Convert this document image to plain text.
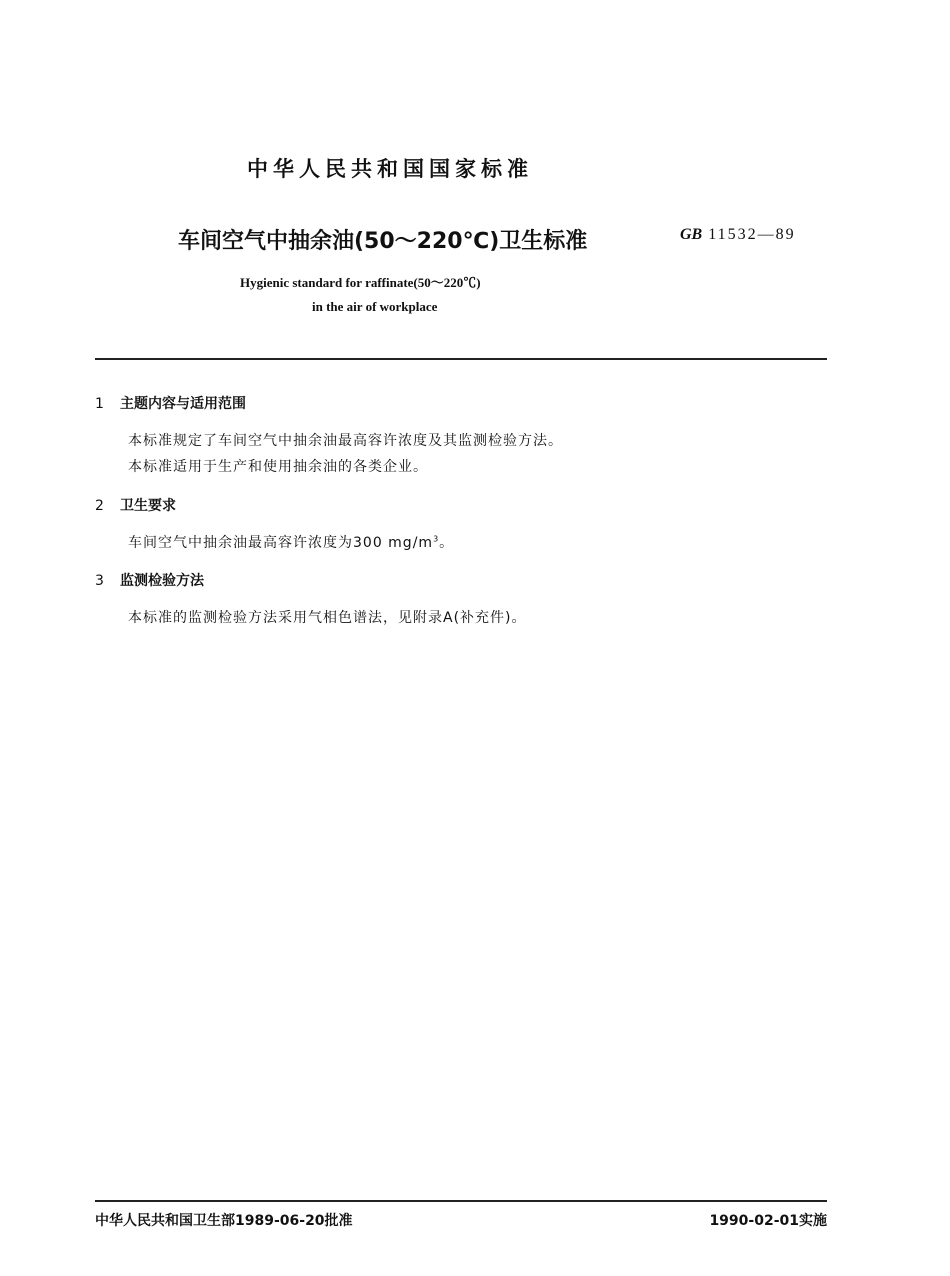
中华人民共和国国家标准
车间空气中抽余油(50～220℃)卫生标准	GB 11532—89
Hygienic standard for raffinate(50～220℃)
in the air of workplace
1 主题内容与适用范围
本标准规定了车间空气中抽余油最高容许浓度及其监测检验方法。
本标准适用于生产和使用抽余油的各类企业。
2 卫生要求
车间空气中抽余油最高容许浓度为300 $mg/m^3$。
3 监测检验方法
本标准的监测检验方法采用气相色谱法，见附录A(补充件)。
中华人民共和国卫生部1989-06-20批准	1990-02-01实施
